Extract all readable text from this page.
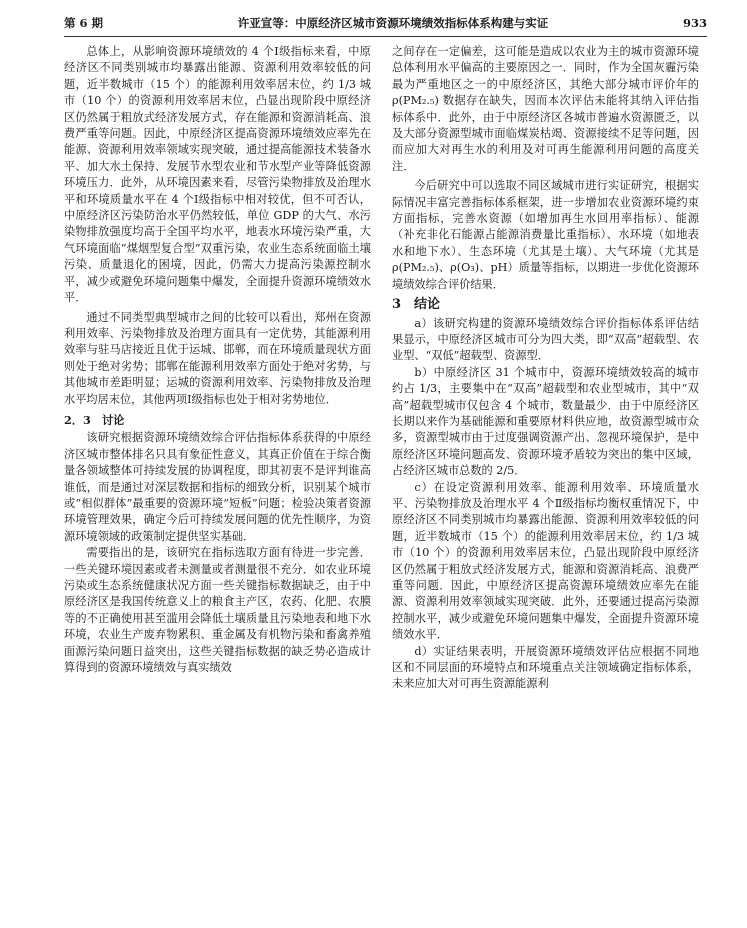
第 6 期	许亚宣等：中原经济区城市资源环境绩效指标体系构建与实证	933

总体上，从影响资源环境绩效的 4 个Ⅰ级指标来看，中原经济区不同类别城市均暴露出能源、资源利用效率较低的问题，近半数城市（15 个）的能源利用效率居末位，约 1/3 城市（10 个）的资源利用效率居末位，凸显出现阶段中原经济区仍然属于粗放式经济发展方式，存在能源和资源消耗高、浪费严重等问题。因此，中原经济区提高资源环境绩效应率先在能源、资源利用效率领域实现突破，通过提高能源技术装备水平、加大水土保持、发展节水型农业和节水型产业等降低资源环境压力．此外，从环境因素来看，尽管污染物排放及治理水平和环境质量水平在 4 个Ⅰ级指标中相对较优，但不可否认，中原经济区污染防治水平仍然较低，单位 GDP 的大气、水污染物排放强度均高于全国平均水平，地表水环境污染严重，大气环境面临“煤烟型复合型”双重污染，农业生态系统面临土壤污染、质量退化的困境，因此，仍需大力提高污染源控制水平，减少或避免环境问题集中爆发，全面提升资源环境绩效水平．

通过不同类型典型城市之间的比较可以看出，郑州在资源利用效率、污染物排放及治理方面具有一定优势，其能源利用效率与驻马店接近且优于运城、邯郸，而在环境质量现状方面则处于绝对劣势；邯郸在能源利用效率方面处于绝对劣势，与其他城市差距明显；运城的资源利用效率、污染物排放及治理水平均居末位，其他两项Ⅰ级指标也处于相对劣势地位．

2．3　讨论

该研究根据资源环境绩效综合评估指标体系获得的中原经济区城市整体排名只具有象征性意义，其真正价值在于综合衡量各领域整体可持续发展的协调程度，即其初衷不是评判谁高谁低，而是通过对深层数据和指标的细致分析，识别某个城市或“相似群体”最重要的资源环境“短板”问题；检验决策者资源环境管理效果，确定今后可持续发展问题的优先性顺序，为资源环境领域的政策制定提供坚实基础．

需要指出的是，该研究在指标选取方面有待进一步完善．一些关键环境因素或者未测量或者测量很不充分．如农业环境污染或生态系统健康状况方面一些关键指标数据缺乏，由于中原经济区是我国传统意义上的粮食主产区，农药、化肥、农膜等的不正确使用甚至滥用会降低土壤质量且污染地表和地下水环境，农业生产废弃物累积、重金属及有机物污染和畜禽养殖面源污染问题日益突出，这些关键指标数据的缺乏势必造成计算得到的资源环境绩效与真实绩效

之间存在一定偏差，这可能是造成以农业为主的城市资源环境总体利用水平偏高的主要原因之一．同时，作为全国灰霾污染最为严重地区之一的中原经济区，其绝大部分城市评价年的 ρ(PM₂.₅) 数据存在缺失，因而本次评估未能将其纳入评估指标体系中．此外，由于中原经济区各城市普遍水资源匮乏，以及大部分资源型城市面临煤炭枯竭、资源接续不足等问题，因而应加大对再生水的利用及对可再生能源利用问题的高度关注．

今后研究中可以选取不同区域城市进行实证研究，根据实际情况丰富完善指标体系框架，进一步增加农业资源环境约束方面指标，完善水资源（如增加再生水回用率指标）、能源（补充非化石能源占能源消费量比重指标）、水环境（如地表水和地下水）、生态环境（尤其是土壤）、大气环境（尤其是 ρ(PM₂.₅)、ρ(O₃)、pH）质量等指标，以期进一步优化资源环境绩效综合评价结果．

3　结论

a）该研究构建的资源环境绩效综合评价指标体系评估结果显示，中原经济区城市可分为四大类，即“双高”超载型、农业型、“双低”超载型、资源型．

b）中原经济区 31 个城市中，资源环境绩效较高的城市约占 1/3，主要集中在“双高”超载型和农业型城市，其中“双高”超载型城市仅包含 4 个城市，数量最少．由于中原经济区长期以来作为基础能源和重要原材料供应地，故资源型城市众多，资源型城市由于过度强调资源产出、忽视环境保护，是中原经济区环境问题高发、资源环境矛盾较为突出的集中区域，占经济区城市总数的 2/5．

c）在设定资源利用效率、能源利用效率、环境质量水平、污染物排放及治理水平 4 个Ⅱ级指标均衡权重情况下，中原经济区不同类别城市均暴露出能源、资源利用效率较低的问题，近半数城市（15 个）的能源利用效率居末位，约 1/3 城市（10 个）的资源利用效率居末位，凸显出现阶段中原经济区仍然属于粗放式经济发展方式，能源和资源消耗高、浪费严重等问题．因此，中原经济区提高资源环境绩效应率先在能源、资源利用效率领域实现突破．此外，还要通过提高污染源控制水平，减少或避免环境问题集中爆发，全面提升资源环境绩效水平．

d）实证结果表明，开展资源环境绩效评估应根据不同地区和不同层面的环境特点和环境重点关注领域确定指标体系，未来应加大对可再生资源能源利
